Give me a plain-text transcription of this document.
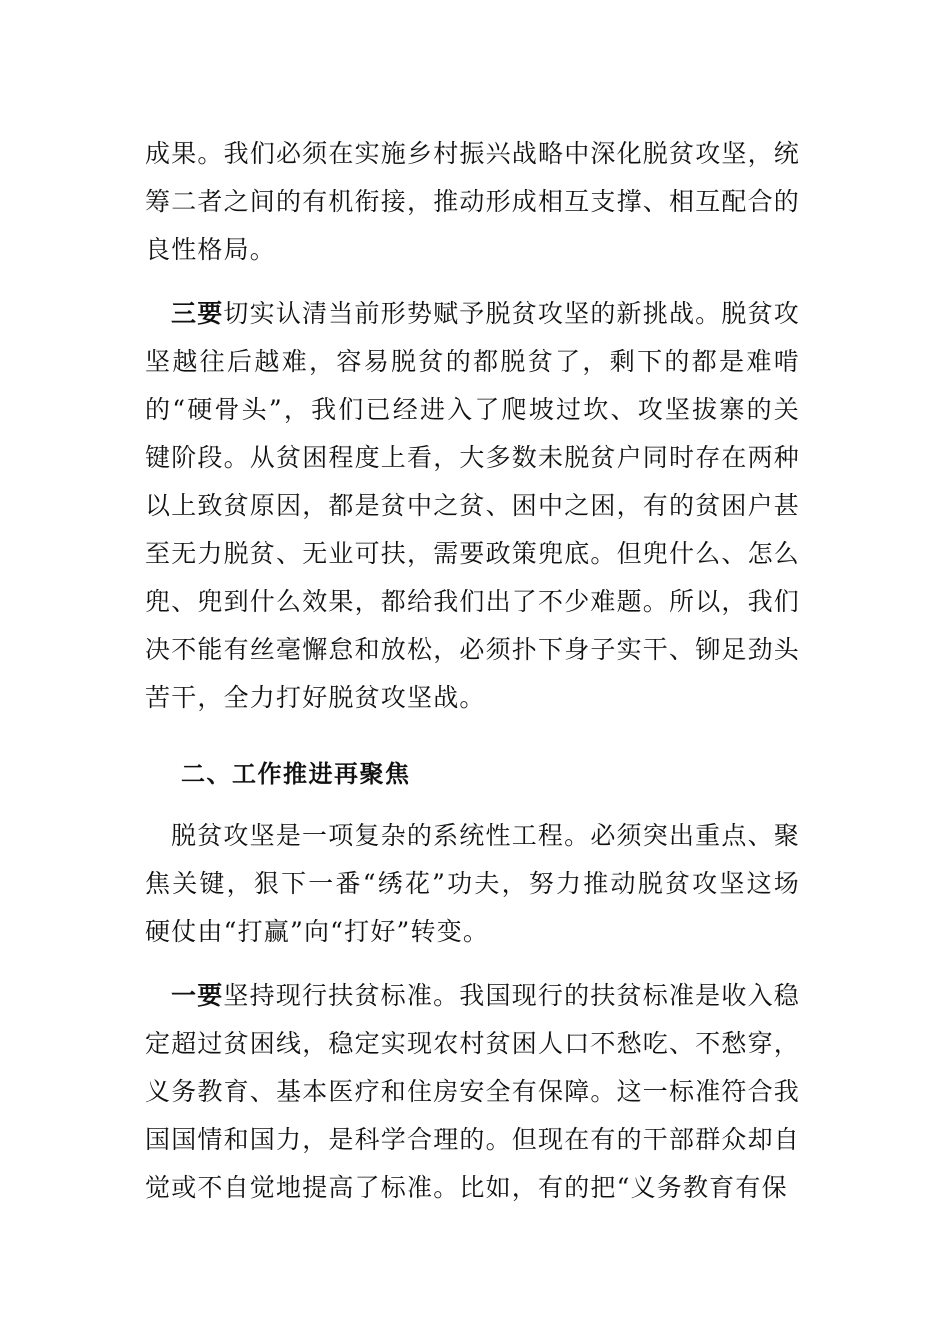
成果。我们必须在实施乡村振兴战略中深化脱贫攻坚，统筹二者之间的有机衔接，推动形成相互支撑、相互配合的良性格局。

三要切实认清当前形势赋予脱贫攻坚的新挑战。脱贫攻坚越往后越难，容易脱贫的都脱贫了，剩下的都是难啃的“硬骨头”，我们已经进入了爬坡过坎、攻坚拔寨的关键阶段。从贫困程度上看，大多数未脱贫户同时存在两种以上致贫原因，都是贫中之贫、困中之困，有的贫困户甚至无力脱贫、无业可扶，需要政策兜底。但兜什么、怎么兜、兜到什么效果，都给我们出了不少难题。所以，我们决不能有丝毫懈怠和放松，必须扑下身子实干、铆足劲头苦干，全力打好脱贫攻坚战。

二、工作推进再聚焦

脱贫攻坚是一项复杂的系统性工程。必须突出重点、聚焦关键，狠下一番“绣花”功夫，努力推动脱贫攻坚这场硬仗由“打赢”向“打好”转变。

一要坚持现行扶贫标准。我国现行的扶贫标准是收入稳定超过贫困线，稳定实现农村贫困人口不愁吃、不愁穿，义务教育、基本医疗和住房安全有保障。这一标准符合我国国情和国力，是科学合理的。但现在有的干部群众却自觉或不自觉地提高了标准。比如，有的把“义务教育有保
